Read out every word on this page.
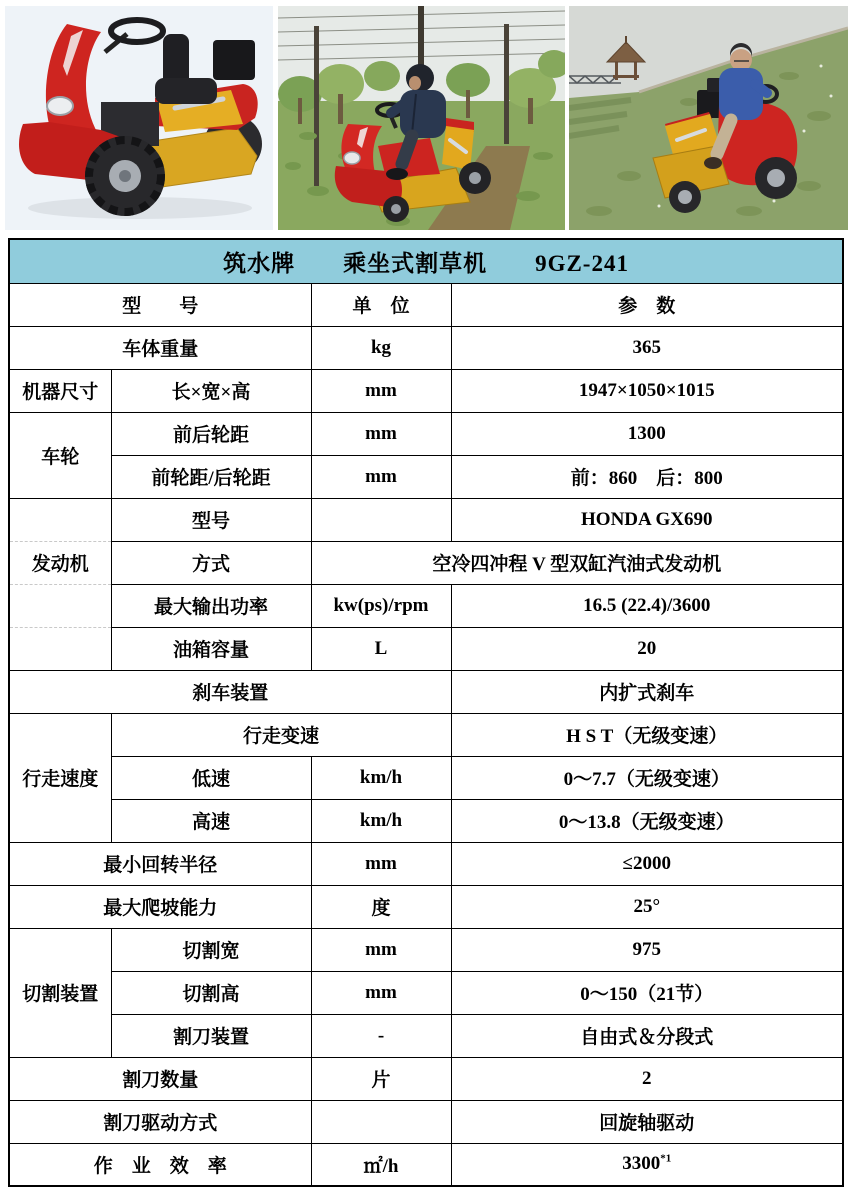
筑水牌　　乘坐式割草机　　9GZ-241			
型　　号		单　位	参　数
车体重量		kg	365
机器尺寸	长×宽×高	mm	1947×1050×1015
车轮	前后轮距	mm	1300
	前轮距/后轮距	mm	前：860　后：800

发动机	型号		HONDA GX690
	方式	空冷四冲程 V 型双缸汽油式发动机	
	最大输出功率	kw(ps)/rpm	16.5 (22.4)/3600
	油箱容量	L	20
刹车装置			内扩式刹车
行走速度	行走变速		H S T（无级变速）
	低速	km/h	0～7.7（无级变速）
	高速	km/h	0～13.8（无级变速）
最小回转半径		mm	≤2000
最大爬坡能力		度	25°
切割装置	切割宽	mm	975
	切割高	mm	0～150（21节）
	割刀装置	-	自由式＆分段式
割刀数量		片	2
割刀驱动方式			回旋轴驱动
作　业　效　率		㎡/h	3300$^{*1}$
